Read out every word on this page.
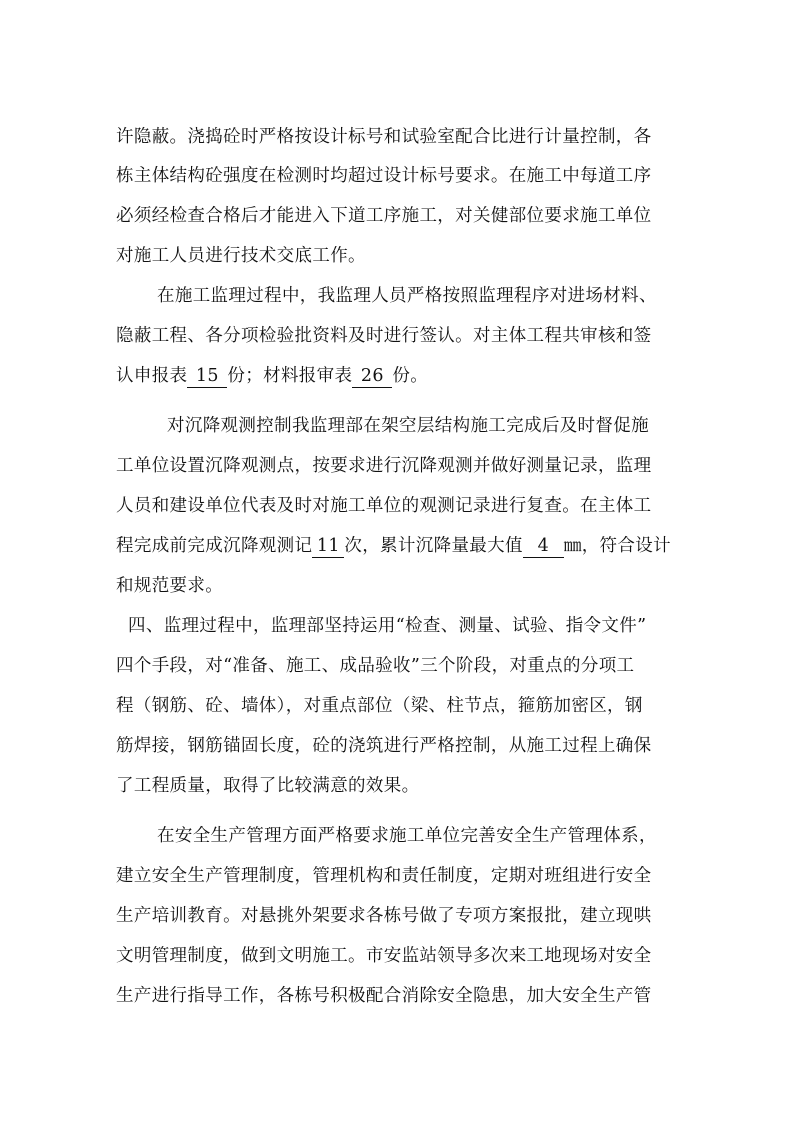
许隐蔽。浇捣砼时严格按设计标号和试验室配合比进行计量控制，各

栋主体结构砼强度在检测时均超过设计标号要求。在施工中每道工序

必须经检查合格后才能进入下道工序施工，对关健部位要求施工单位

对施工人员进行技术交底工作。

在施工监理过程中，我监理人员严格按照监理程序对进场材料、

隐蔽工程、各分项检验批资料及时进行签认。对主体工程共审核和签

认申报表 15 份；材料报审表 26 份。

对沉降观测控制我监理部在架空层结构施工完成后及时督促施

工单位设置沉降观测点，按要求进行沉降观测并做好测量记录，监理

人员和建设单位代表及时对施工单位的观测记录进行复查。在主体工

程完成前完成沉降观测记 11 次，累计沉降量最大值 4 ㎜，符合设计

和规范要求。

四、监理过程中，监理部坚持运用“检查、测量、试验、指令文件”

四个手段，对“准备、施工、成品验收”三个阶段，对重点的分项工

程（钢筋、砼、墙体），对重点部位（梁、柱节点，箍筋加密区，钢

筋焊接，钢筋锚固长度，砼的浇筑进行严格控制，从施工过程上确保

了工程质量，取得了比较满意的效果。

在安全生产管理方面严格要求施工单位完善安全生产管理体系，

建立安全生产管理制度，管理机构和责任制度，定期对班组进行安全

生产培训教育。对悬挑外架要求各栋号做了专项方案报批，建立现哄

文明管理制度，做到文明施工。市安监站领导多次来工地现场对安全

生产进行指导工作，各栋号积极配合消除安全隐患，加大安全生产管
